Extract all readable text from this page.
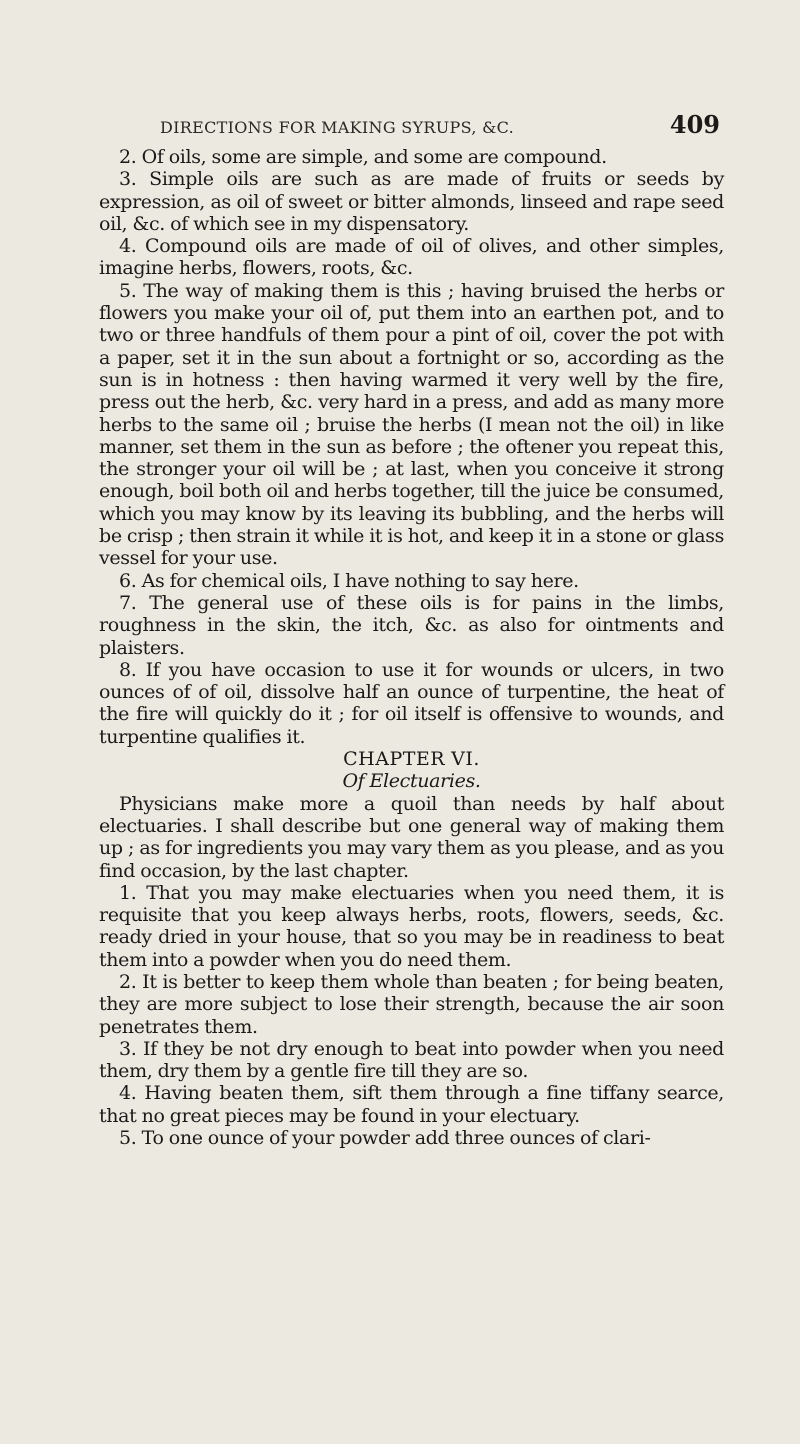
DIRECTIONS FOR MAKING SYRUPS, &C.	409

2. Of oils, some are simple, and some are compound.

3. Simple oils are such as are made of fruits or seeds by expression, as oil of sweet or bitter almonds, linseed and rape seed oil, &c. of which see in my dispensatory.

4. Compound oils are made of oil of olives, and other simples, imagine herbs, flowers, roots, &c.

5. The way of making them is this ; having bruised the herbs or flowers you make your oil of, put them into an earthen pot, and to two or three handfuls of them pour a pint of oil, cover the pot with a paper, set it in the sun about a fortnight or so, according as the sun is in hotness : then having warmed it very well by the fire, press out the herb, &c. very hard in a press, and add as many more herbs to the same oil ; bruise the herbs (I mean not the oil) in like manner, set them in the sun as before ; the oftener you repeat this, the stronger your oil will be ; at last, when you conceive it strong enough, boil both oil and herbs together, till the juice be consumed, which you may know by its leaving its bubbling, and the herbs will be crisp ; then strain it while it is hot, and keep it in a stone or glass vessel for your use.

6. As for chemical oils, I have nothing to say here.

7. The general use of these oils is for pains in the limbs, roughness in the skin, the itch, &c. as also for ointments and plaisters.

8. If you have occasion to use it for wounds or ulcers, in two ounces of of oil, dissolve half an ounce of turpentine, the heat of the fire will quickly do it ; for oil itself is offensive to wounds, and turpentine qualifies it.

CHAPTER VI.

Of Electuaries.

Physicians make more a quoil than needs by half about electuaries. I shall describe but one general way of making them up ; as for ingredients you may vary them as you please, and as you find occasion, by the last chapter.

1. That you may make electuaries when you need them, it is requisite that you keep always herbs, roots, flowers, seeds, &c. ready dried in your house, that so you may be in readiness to beat them into a powder when you do need them.

2. It is better to keep them whole than beaten ; for being beaten, they are more subject to lose their strength, because the air soon penetrates them.

3. If they be not dry enough to beat into powder when you need them, dry them by a gentle fire till they are so.

4. Having beaten them, sift them through a fine tiffany searce, that no great pieces may be found in your electuary.

5. To one ounce of your powder add three ounces of clari-
